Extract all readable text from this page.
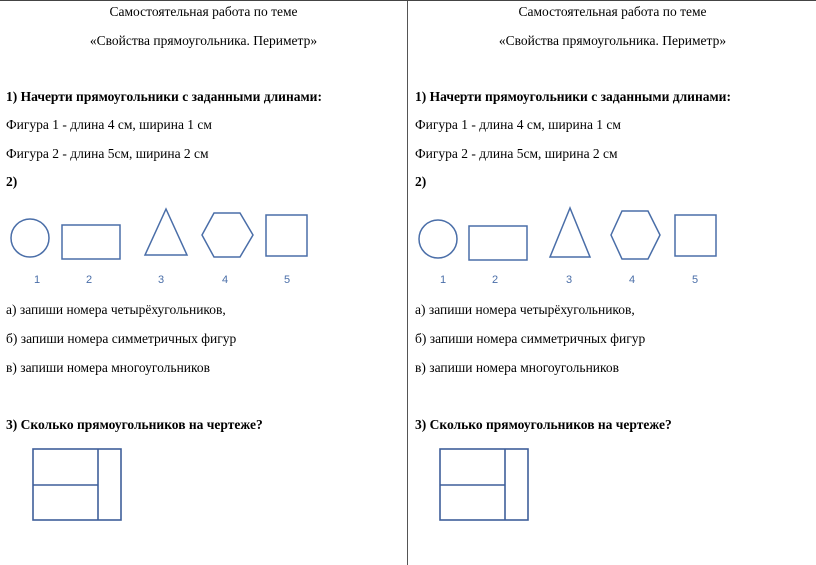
Самостоятельная работа по теме
«Свойства прямоугольника. Периметр»
1) Начерти прямоугольники с заданными длинами:
Фигура 1 - длина 4 см, ширина 1 см
Фигура 2 - длина 5см, ширина 2 см
2)
1	2	3	4	5
а) запиши номера четырёхугольников,
б) запиши номера симметричных фигур
в) запиши номера многоугольников
3) Сколько прямоугольников на чертеже?
Самостоятельная работа по теме
«Свойства прямоугольника. Периметр»
1) Начерти прямоугольники с заданными длинами:
Фигура 1 - длина 4 см, ширина 1 см
Фигура 2 - длина 5см, ширина 2 см
2)
1	2	3	4	5
а) запиши номера четырёхугольников,
б) запиши номера симметричных фигур
в) запиши номера многоугольников
3) Сколько прямоугольников на чертеже?
